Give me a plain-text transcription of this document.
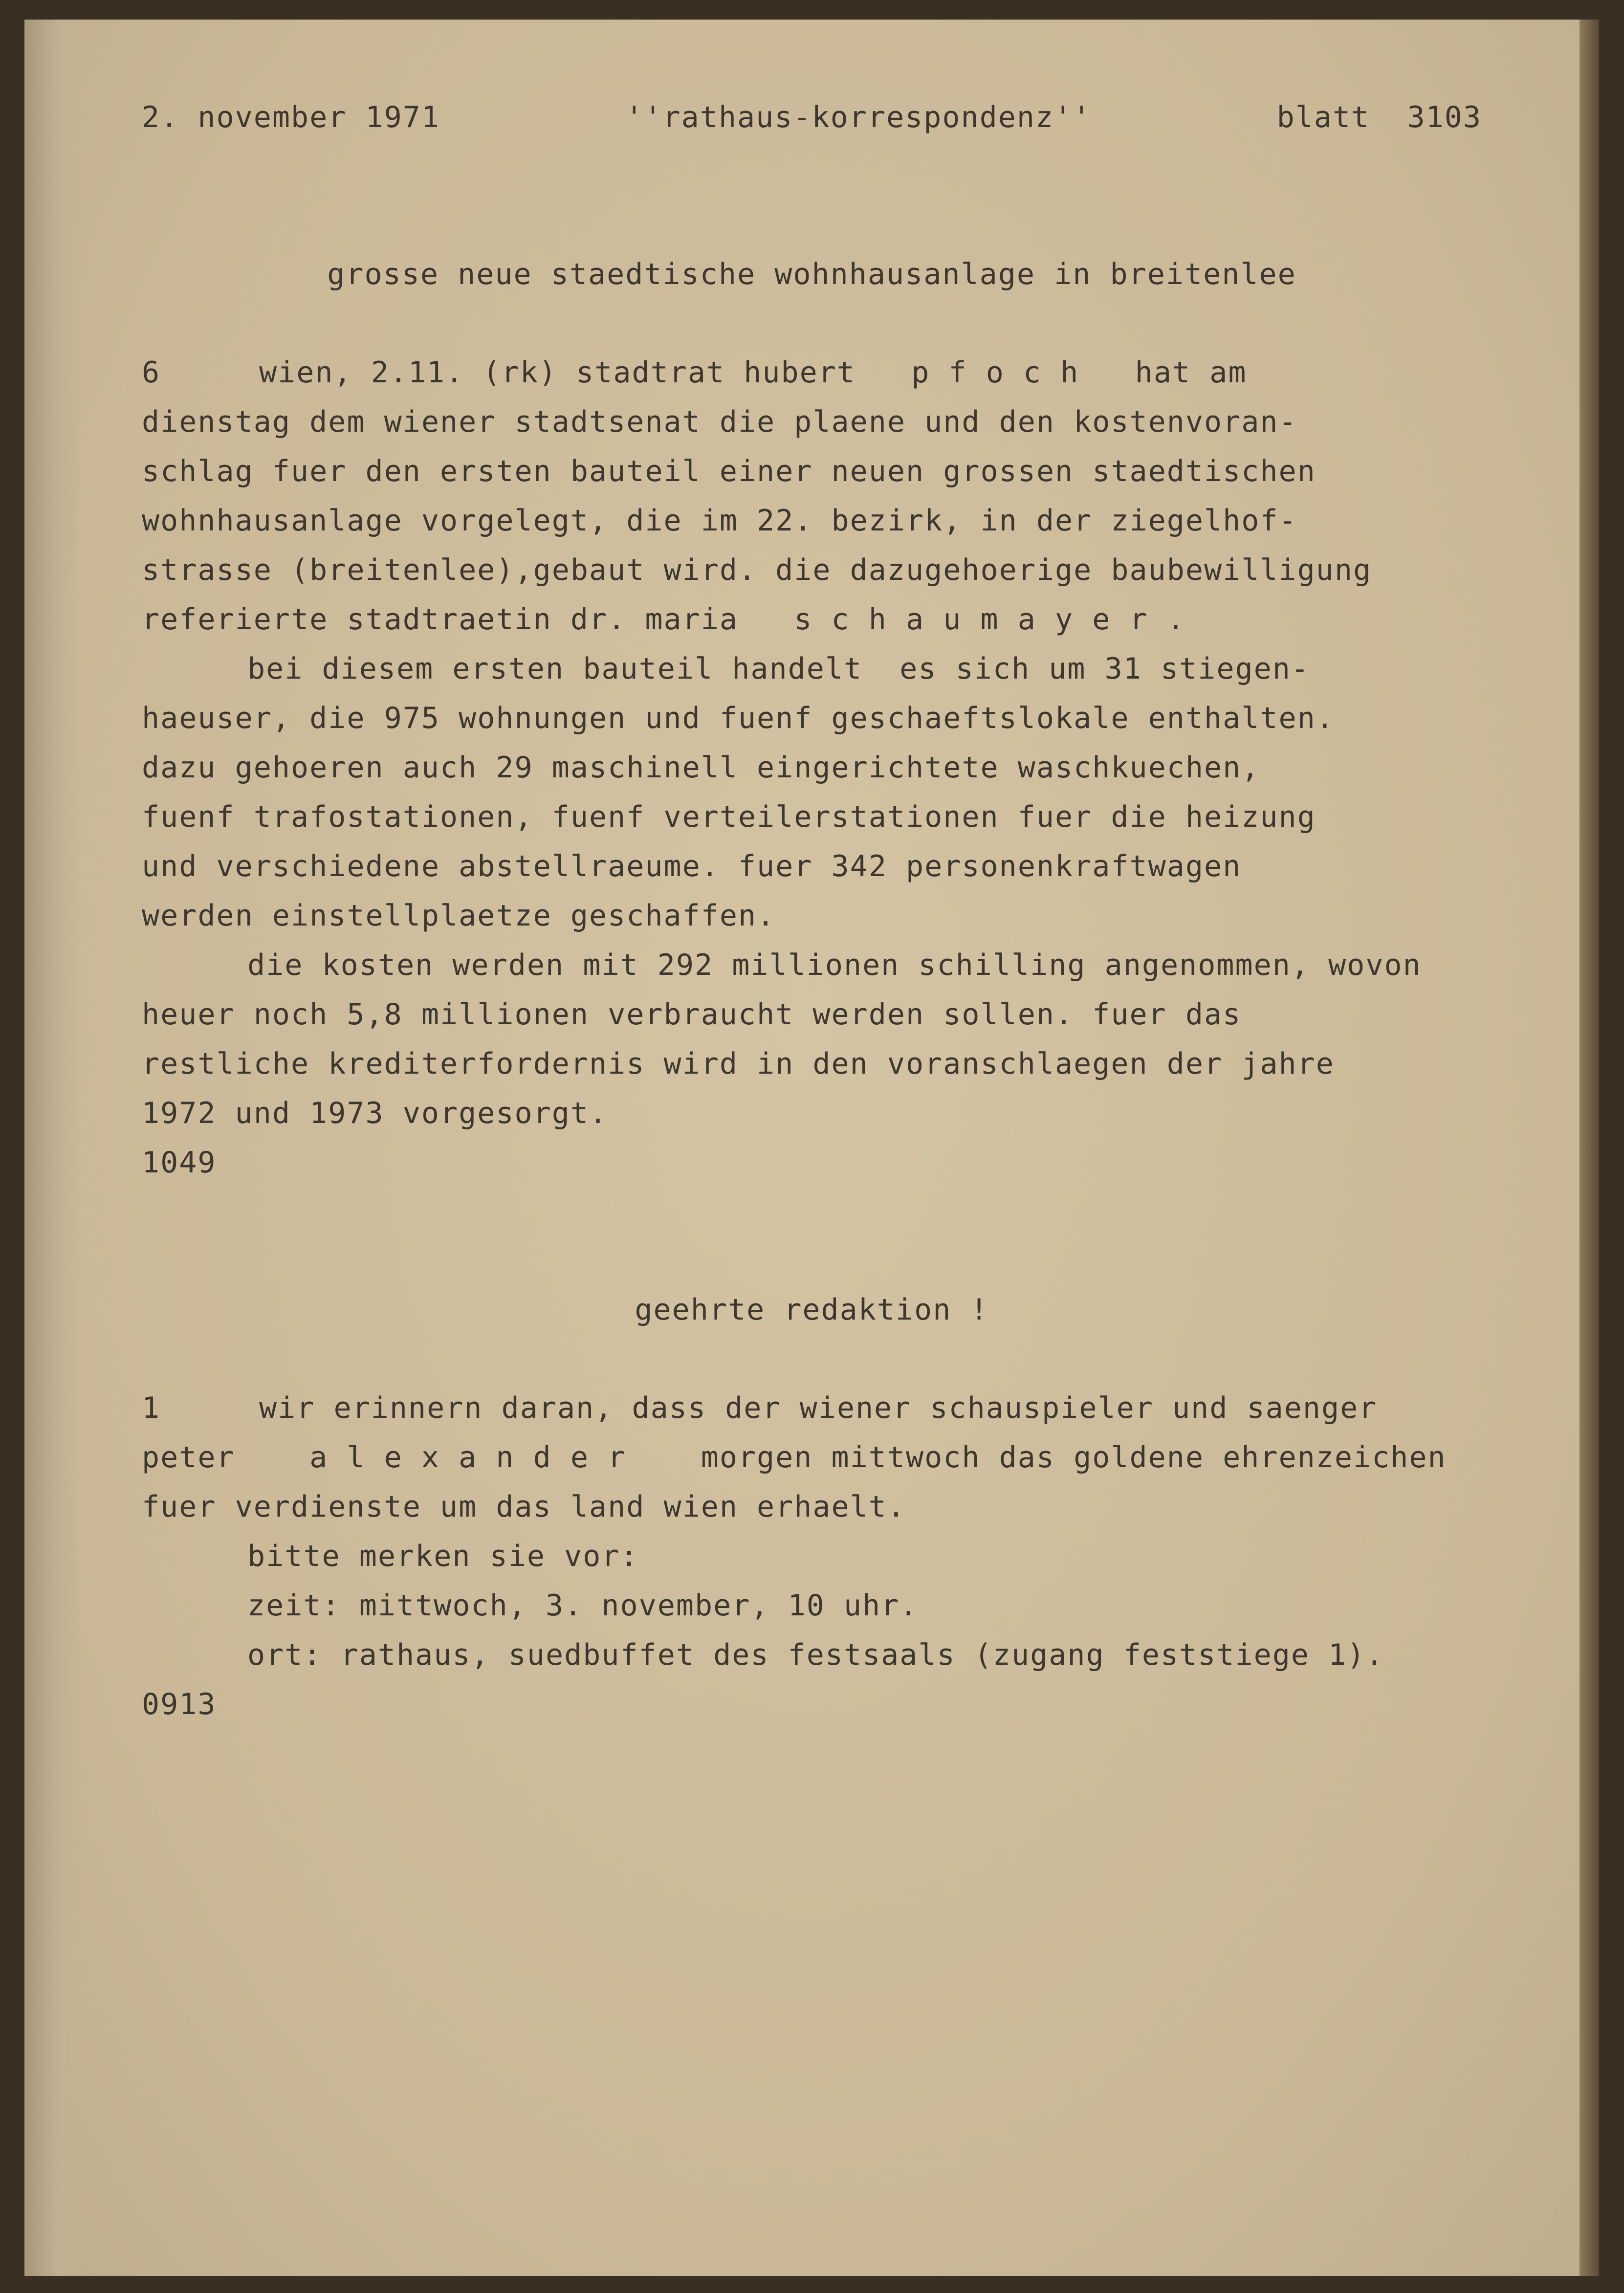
2. november 1971	''rathaus-korrespondenz''	blatt  3103
grosse neue staedtische wohnhausanlage in breitenlee
6	wien, 2.11. (rk) stadtrat hubert   p f o c h   hat am
dienstag dem wiener stadtsenat die plaene und den kostenvoran-
schlag fuer den ersten bauteil einer neuen grossen staedtischen
wohnhausanlage vorgelegt, die im 22. bezirk, in der ziegelhof-
strasse (breitenlee),gebaut wird. die dazugehoerige baubewilligung
referierte stadtraetin dr. maria   s c h a u m a y e r .
bei diesem ersten bauteil handelt  es sich um 31 stiegen-
haeuser, die 975 wohnungen und fuenf geschaeftslokale enthalten.
dazu gehoeren auch 29 maschinell eingerichtete waschkuechen,
fuenf trafostationen, fuenf verteilerstationen fuer die heizung
und verschiedene abstellraeume. fuer 342 personenkraftwagen
werden einstellplaetze geschaffen.
die kosten werden mit 292 millionen schilling angenommen, wovon
heuer noch 5,8 millionen verbraucht werden sollen. fuer das
restliche krediterfordernis wird in den voranschlaegen der jahre
1972 und 1973 vorgesorgt.
1049
geehrte redaktion !
1	wir erinnern daran, dass der wiener schauspieler und saenger
peter    a l e x a n d e r    morgen mittwoch das goldene ehrenzeichen
fuer verdienste um das land wien erhaelt.
bitte merken sie vor:
zeit: mittwoch, 3. november, 10 uhr.
ort: rathaus, suedbuffet des festsaals (zugang feststiege 1).
0913
